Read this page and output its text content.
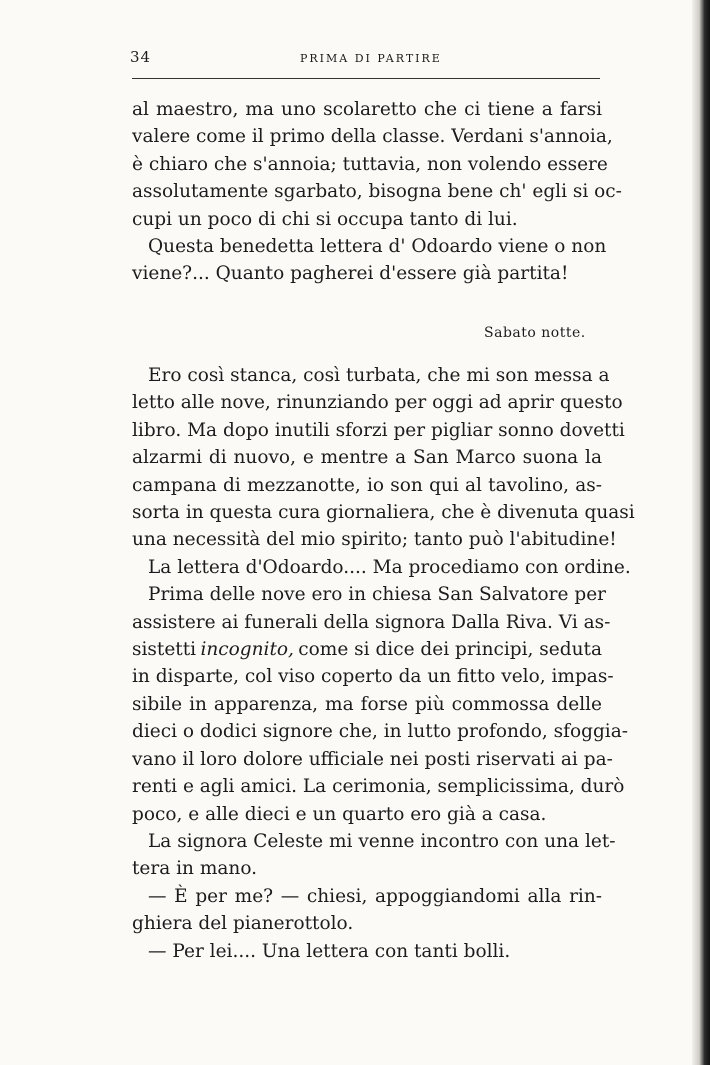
34	PRIMA DI PARTIRE
al maestro, ma uno scolaretto che ci tiene a farsi
valere come il primo della classe. Verdani s'annoia,
è chiaro che s'annoia; tuttavia, non volendo essere
assolutamente sgarbato, bisogna bene ch' egli si oc-
cupi un poco di chi si occupa tanto di lui.
Questa benedetta lettera d' Odoardo viene o non
viene?... Quanto pagherei d'essere già partita!
Sabato notte.
Ero così stanca, così turbata, che mi son messa a
letto alle nove, rinunziando per oggi ad aprir questo
libro. Ma dopo inutili sforzi per pigliar sonno dovetti
alzarmi di nuovo, e mentre a San Marco suona la
campana di mezzanotte, io son qui al tavolino, as-
sorta in questa cura giornaliera, che è divenuta quasi
una necessità del mio spirito; tanto può l'abitudine!
La lettera d'Odoardo.... Ma procediamo con ordine.
Prima delle nove ero in chiesa San Salvatore per
assistere ai funerali della signora Dalla Riva. Vi as-
sistetti incognito, come si dice dei principi, seduta
in disparte, col viso coperto da un fitto velo, impas-
sibile in apparenza, ma forse più commossa delle
dieci o dodici signore che, in lutto profondo, sfoggia-
vano il loro dolore ufficiale nei posti riservati ai pa-
renti e agli amici. La cerimonia, semplicissima, durò
poco, e alle dieci e un quarto ero già a casa.
La signora Celeste mi venne incontro con una let-
tera in mano.
— È per me? — chiesi, appoggiandomi alla rin-
ghiera del pianerottolo.
— Per lei.... Una lettera con tanti bolli.
